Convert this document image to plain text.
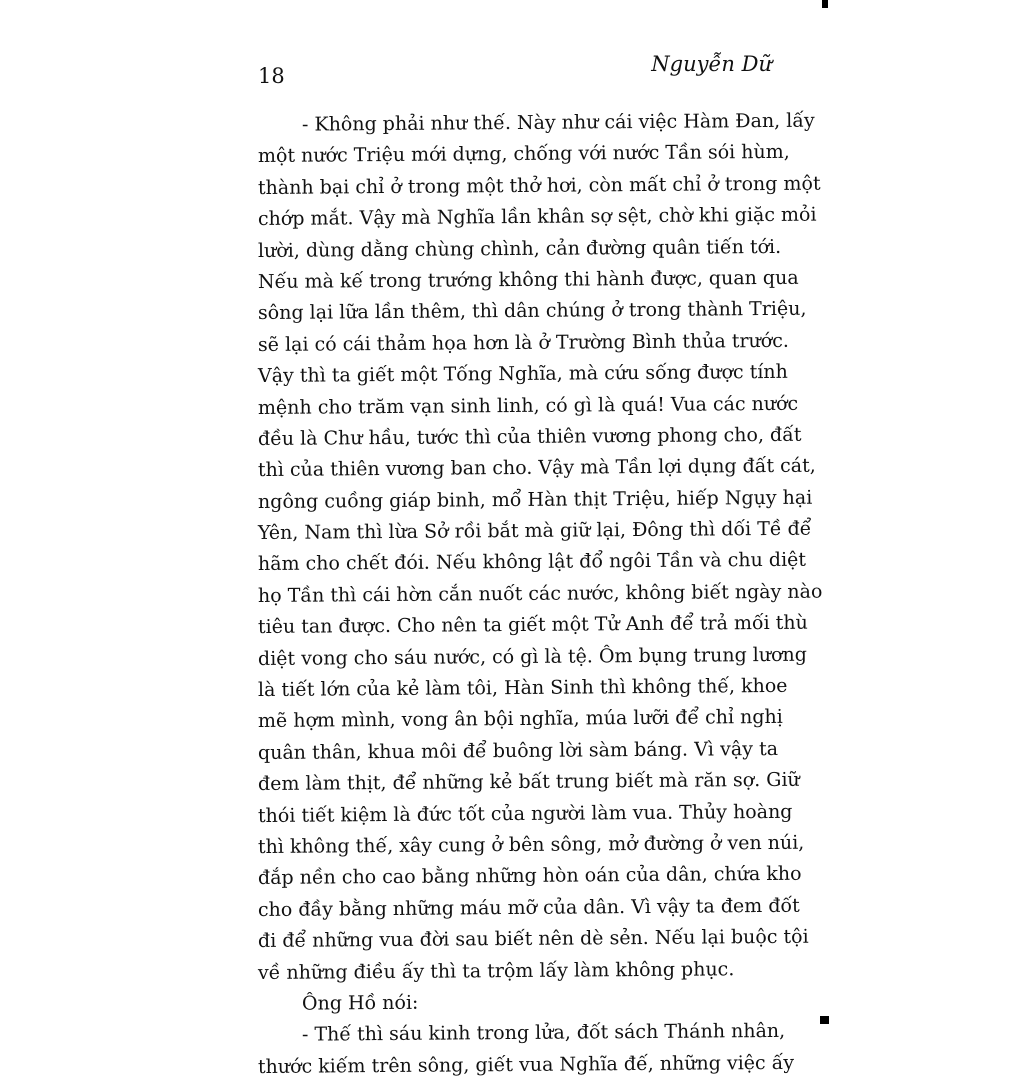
18	Nguyễn Dữ
- Không phải như thế. Này như cái việc Hàm Đan, lấy
một nước Triệu mới dựng, chống với nước Tần sói hùm,
thành bại chỉ ở trong một thở hơi, còn mất chỉ ở trong một
chớp mắt. Vậy mà Nghĩa lần khân sợ sệt, chờ khi giặc mỏi
lười, dùng dằng chùng chình, cản đường quân tiến tới.
Nếu mà kế trong trướng không thi hành được, quan qua
sông lại lữa lần thêm, thì dân chúng ở trong thành Triệu,
sẽ lại có cái thảm họa hơn là ở Trường Bình thủa trước.
Vậy thì ta giết một Tống Nghĩa, mà cứu sống được tính
mệnh cho trăm vạn sinh linh, có gì là quá! Vua các nước
đều là Chư hầu, tước thì của thiên vương phong cho, đất
thì của thiên vương ban cho. Vậy mà Tần lợi dụng đất cát,
ngông cuồng giáp binh, mổ Hàn thịt Triệu, hiếp Ngụy hại
Yên, Nam thì lừa Sở rồi bắt mà giữ lại, Đông thì dối Tề để
hãm cho chết đói. Nếu không lật đổ ngôi Tần và chu diệt
họ Tần thì cái hờn cắn nuốt các nước, không biết ngày nào
tiêu tan được. Cho nên ta giết một Tử Anh để trả mối thù
diệt vong cho sáu nước, có gì là tệ. Ôm bụng trung lương
là tiết lớn của kẻ làm tôi, Hàn Sinh thì không thế, khoe
mẽ hợm mình, vong ân bội nghĩa, múa lưỡi để chỉ nghị
quân thân, khua môi để buông lời sàm báng. Vì vậy ta
đem làm thịt, để những kẻ bất trung biết mà răn sợ. Giữ
thói tiết kiệm là đức tốt của người làm vua. Thủy hoàng
thì không thế, xây cung ở bên sông, mở đường ở ven núi,
đắp nền cho cao bằng những hòn oán của dân, chứa kho
cho đầy bằng những máu mỡ của dân. Vì vậy ta đem đốt
đi để những vua đời sau biết nên dè sẻn. Nếu lại buộc tội
về những điều ấy thì ta trộm lấy làm không phục.
Ông Hồ nói:
- Thế thì sáu kinh trong lửa, đốt sách Thánh nhân,
thước kiếm trên sông, giết vua Nghĩa đế, những việc ấy
